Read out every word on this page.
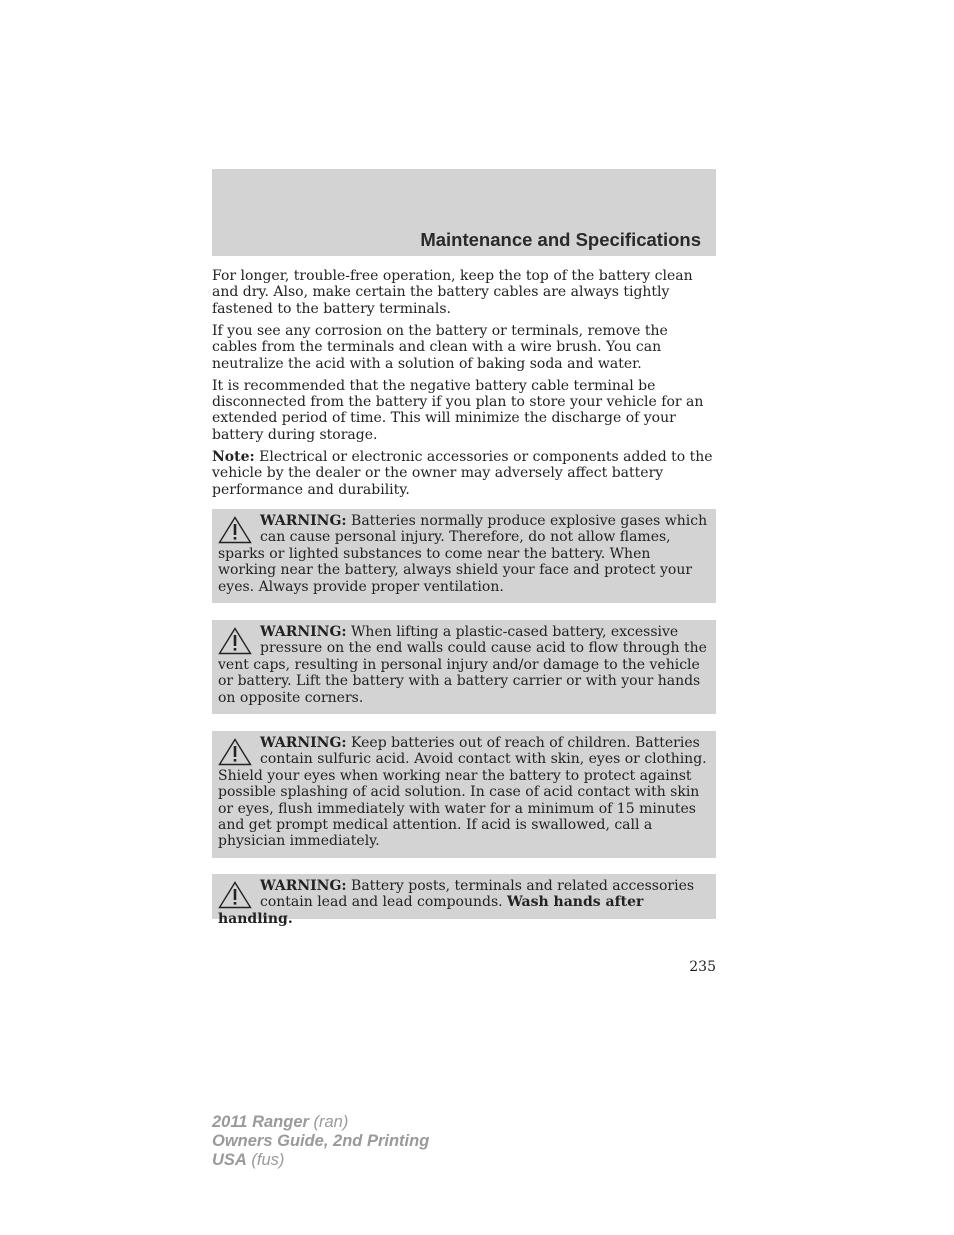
Maintenance and Specifications

For longer, trouble-free operation, keep the top of the battery clean and dry. Also, make certain the battery cables are always tightly fastened to the battery terminals.

If you see any corrosion on the battery or terminals, remove the cables from the terminals and clean with a wire brush. You can neutralize the acid with a solution of baking soda and water.

It is recommended that the negative battery cable terminal be disconnected from the battery if you plan to store your vehicle for an extended period of time. This will minimize the discharge of your battery during storage.

Note: Electrical or electronic accessories or components added to the vehicle by the dealer or the owner may adversely affect battery performance and durability.

WARNING: Batteries normally produce explosive gases which can cause personal injury. Therefore, do not allow flames, sparks or lighted substances to come near the battery. When working near the battery, always shield your face and protect your eyes. Always provide proper ventilation.

WARNING: When lifting a plastic-cased battery, excessive pressure on the end walls could cause acid to flow through the vent caps, resulting in personal injury and/or damage to the vehicle or battery. Lift the battery with a battery carrier or with your hands on opposite corners.

WARNING: Keep batteries out of reach of children. Batteries contain sulfuric acid. Avoid contact with skin, eyes or clothing. Shield your eyes when working near the battery to protect against possible splashing of acid solution. In case of acid contact with skin or eyes, flush immediately with water for a minimum of 15 minutes and get prompt medical attention. If acid is swallowed, call a physician immediately.

WARNING: Battery posts, terminals and related accessories contain lead and lead compounds. Wash hands after handling.

235
2011 Ranger (ran)
Owners Guide, 2nd Printing
USA (fus)
